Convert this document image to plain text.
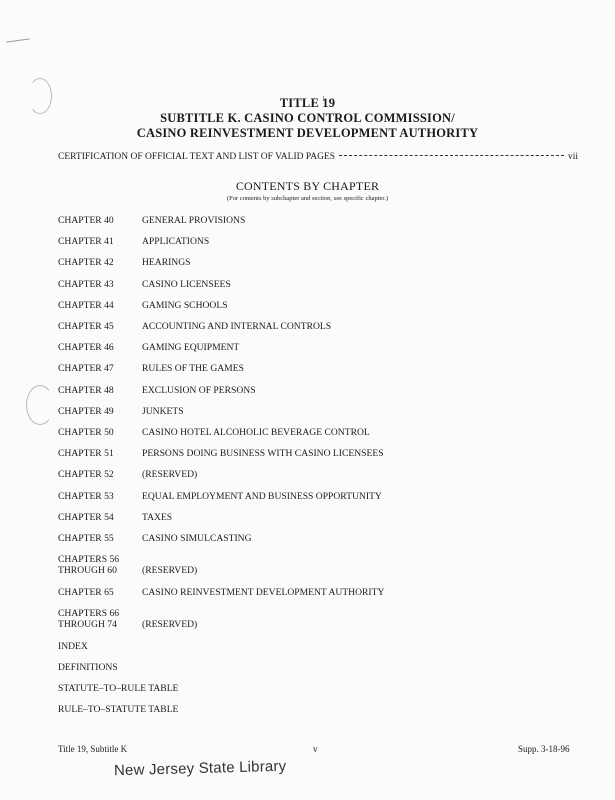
TITLE 19
SUBTITLE K. CASINO CONTROL COMMISSION/
CASINO REINVESTMENT DEVELOPMENT AUTHORITY
CERTIFICATION OF OFFICIAL TEXT AND LIST OF VALID PAGES	vii
CONTENTS BY CHAPTER
(For contents by subchapter and section, see specific chapter.)
CHAPTER 40	GENERAL PROVISIONS
CHAPTER 41	APPLICATIONS
CHAPTER 42	HEARINGS
CHAPTER 43	CASINO LICENSEES
CHAPTER 44	GAMING SCHOOLS
CHAPTER 45	ACCOUNTING AND INTERNAL CONTROLS
CHAPTER 46	GAMING EQUIPMENT
CHAPTER 47	RULES OF THE GAMES
CHAPTER 48	EXCLUSION OF PERSONS
CHAPTER 49	JUNKETS
CHAPTER 50	CASINO HOTEL ALCOHOLIC BEVERAGE CONTROL
CHAPTER 51	PERSONS DOING BUSINESS WITH CASINO LICENSEES
CHAPTER 52	(RESERVED)
CHAPTER 53	EQUAL EMPLOYMENT AND BUSINESS OPPORTUNITY
CHAPTER 54	TAXES
CHAPTER 55	CASINO SIMULCASTING
CHAPTERS 56
THROUGH 60	(RESERVED)
CHAPTER 65	CASINO REINVESTMENT DEVELOPMENT AUTHORITY
CHAPTERS 66
THROUGH 74	(RESERVED)
INDEX
DEFINITIONS
STATUTE–TO–RULE TABLE
RULE–TO–STATUTE TABLE
Title 19, Subtitle K	v	Supp. 3-18-96
New Jersey State Library
